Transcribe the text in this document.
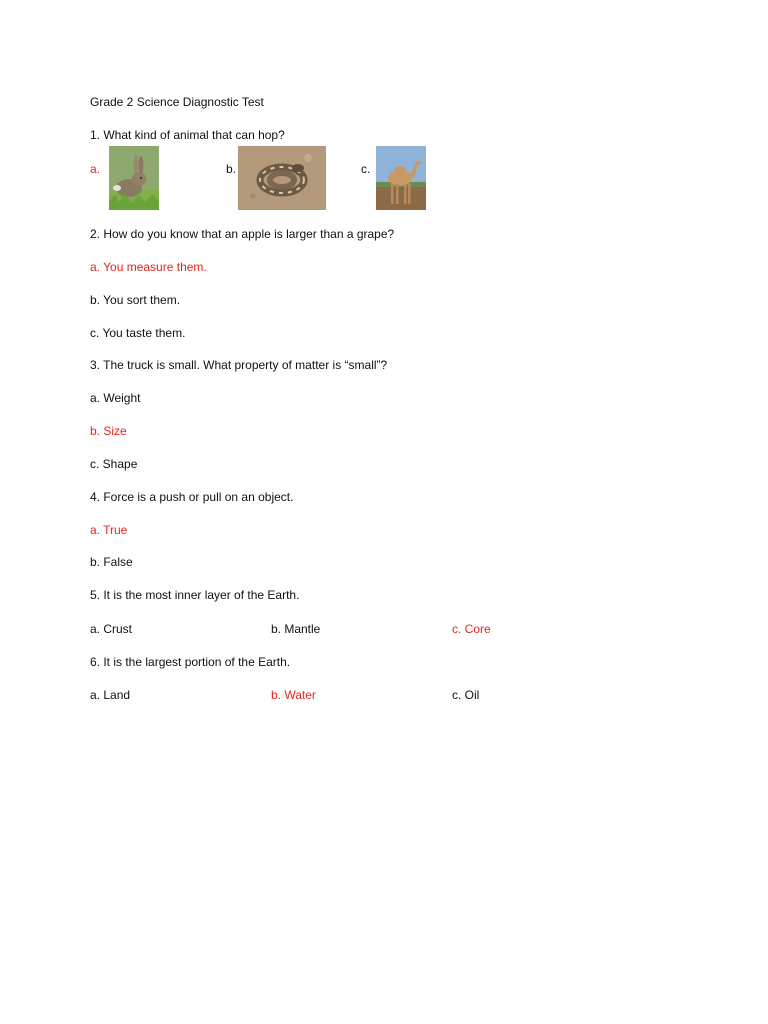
Grade 2 Science Diagnostic Test
1. What kind of animal that can hop?
a.	b.	c.
2. How do you know that an apple is larger than a grape?
a. You measure them.
b. You sort them.
c. You taste them.
3. The truck is small. What property of matter is “small”?
a. Weight
b. Size
c. Shape
4. Force is a push or pull on an object.
a. True
b. False
5. It is the most inner layer of the Earth.
a. Crust	b. Mantle	c. Core
6. It is the largest portion of the Earth.
a. Land	b. Water	c. Oil
